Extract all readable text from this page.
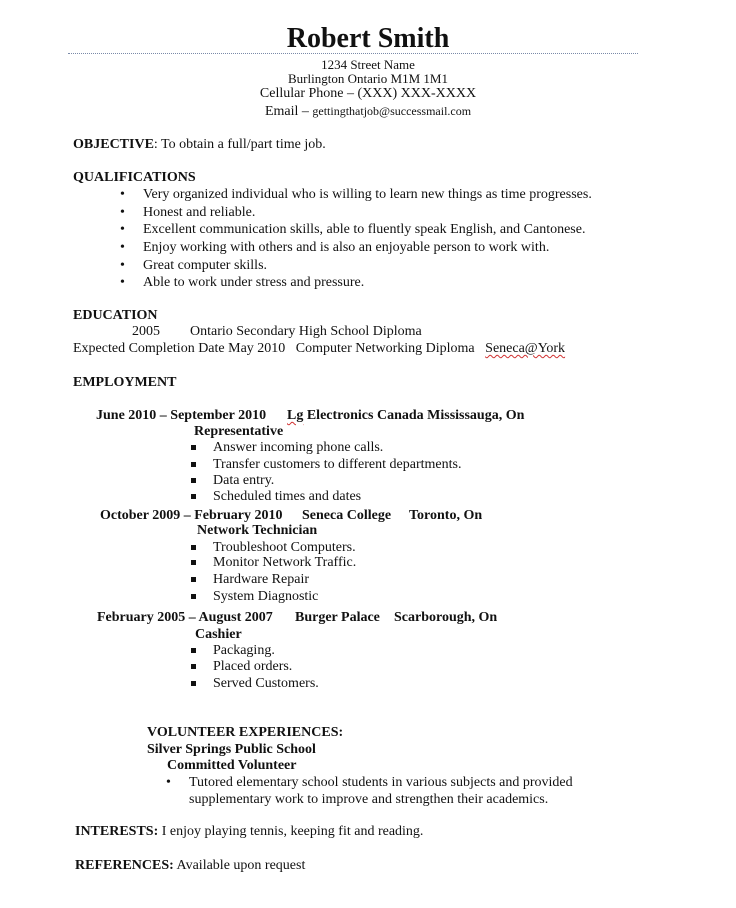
Robert Smith
1234 Street Name
Burlington Ontario M1M 1M1
Cellular Phone – (XXX) XXX-XXXX
Email – gettingthatjob@successmail.com
OBJECTIVE: To obtain a full/part time job.
QUALIFICATIONS
• Very organized individual who is willing to learn new things as time progresses.
• Honest and reliable.
• Excellent communication skills, able to fluently speak English, and Cantonese.
• Enjoy working with others and is also an enjoyable person to work with.
• Great computer skills.
• Able to work under stress and pressure.
EDUCATION
2005 Ontario Secondary High School Diploma
Expected Completion Date May 2010   Computer Networking Diploma Seneca@York
EMPLOYMENT
June 2010 – September 2010 Lg Electronics Canada Mississauga, On
Representative
Answer incoming phone calls.
Transfer customers to different departments.
Data entry.
Scheduled times and dates
October 2009 – February 2010 Seneca College Toronto, On
Network Technician
Troubleshoot Computers.
Monitor Network Traffic.
Hardware Repair
System Diagnostic
February 2005 – August 2007 Burger Palace Scarborough, On
Cashier
Packaging.
Placed orders.
Served Customers.
VOLUNTEER EXPERIENCES:
Silver Springs Public School
Committed Volunteer
• Tutored elementary school students in various subjects and provided
supplementary work to improve and strengthen their academics.
INTERESTS: I enjoy playing tennis, keeping fit and reading.
REFERENCES: Available upon request
